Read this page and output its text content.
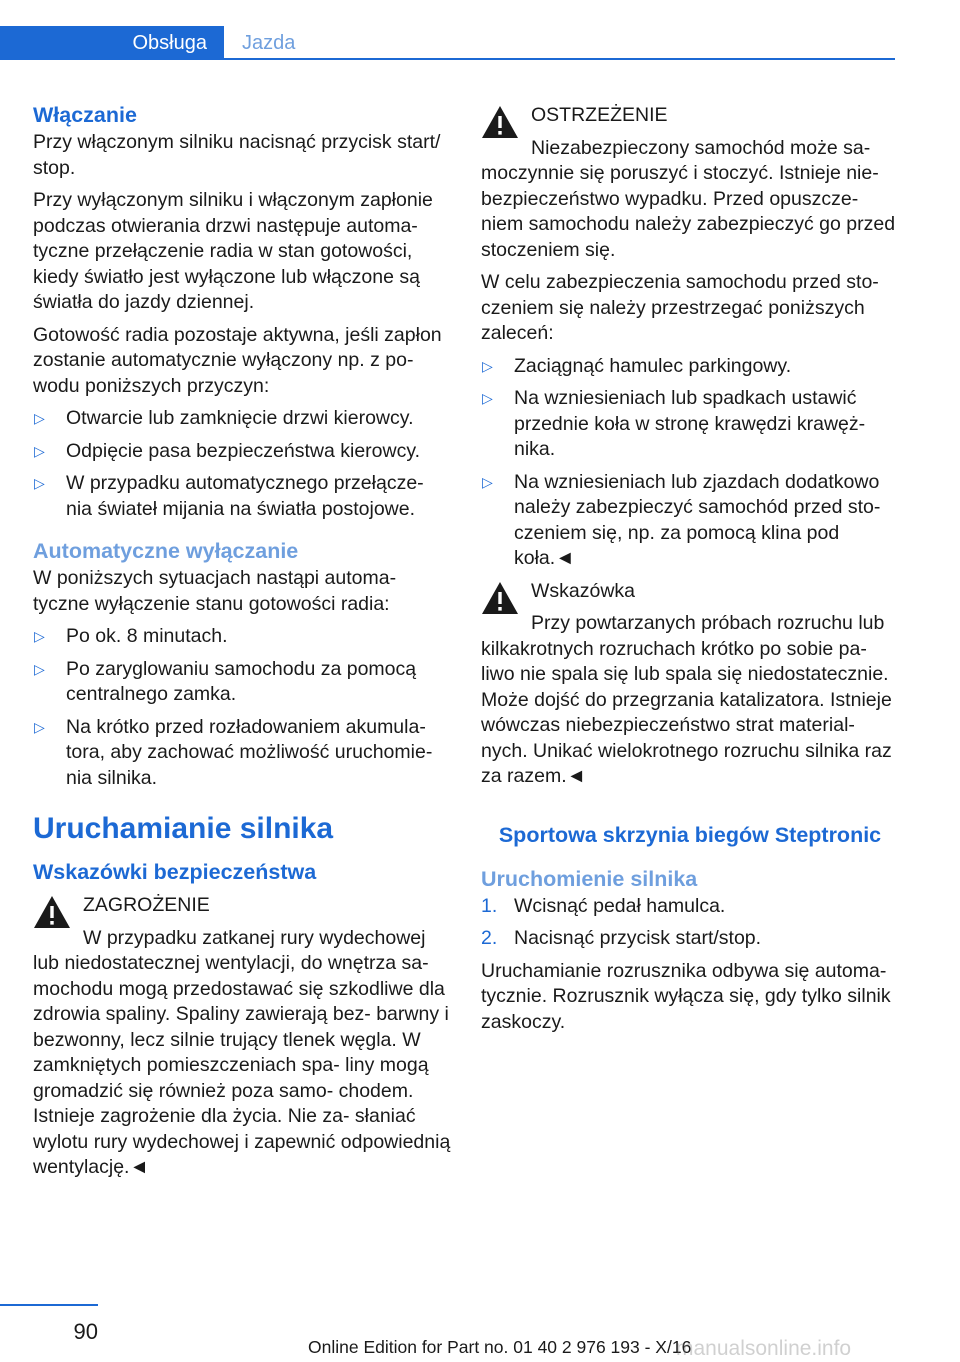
Obsługa	Jazda
Włączanie

Przy włączonym silniku nacisnąć przycisk start/ stop.

Przy wyłączonym silniku i włączonym zapłonie podczas otwierania drzwi następuje automa‐ tyczne przełączenie radia w stan gotowości, kiedy światło jest wyłączone lub włączone są światła do jazdy dziennej.

Gotowość radia pozostaje aktywna, jeśli zapłon zostanie automatycznie wyłączony np. z po‐ wodu poniższych przyczyn:

▷ Otwarcie lub zamknięcie drzwi kierowcy.
▷ Odpięcie pasa bezpieczeństwa kierowcy.
▷ W przypadku automatycznego przełącze‐ nia świateł mijania na światła postojowe.
Automatyczne wyłączanie

W poniższych sytuacjach nastąpi automa‐ tyczne wyłączenie stanu gotowości radia:

▷ Po ok. 8 minutach.
▷ Po zaryglowaniu samochodu za pomocą centralnego zamka.
▷ Na krótko przed rozładowaniem akumula‐ tora, aby zachować możliwość uruchomie‐ nia silnika.
Uruchamianie silnika
Wskazówki bezpieczeństwa
ZAGROŻENIE
W przypadku zatkanej rury wydechowej
lub niedostatecznej wentylacji, do wnętrza sa‐ mochodu mogą przedostawać się szkodliwe dla zdrowia spaliny. Spaliny zawierają bez‐ barwny i bezwonny, lecz silnie trujący tlenek węgla. W zamkniętych pomieszczeniach spa‐ liny mogą gromadzić się również poza samo‐ chodem. Istnieje zagrożenie dla życia. Nie za‐ słaniać wylotu rury wydechowej i zapewnić odpowiednią wentylację.◄
OSTRZEŻENIE
Niezabezpieczony samochód może sa‐
moczynnie się poruszyć i stoczyć. Istnieje nie‐ bezpieczeństwo wypadku. Przed opuszcze‐ niem samochodu należy zabezpieczyć go przed stoczeniem się.

W celu zabezpieczenia samochodu przed sto‐ czeniem się należy przestrzegać poniższych zaleceń:

▷ Zaciągnąć hamulec parkingowy.
▷ Na wzniesieniach lub spadkach ustawić przednie koła w stronę krawędzi krawęż‐ nika.
▷ Na wzniesieniach lub zjazdach dodatkowo należy zabezpieczyć samochód przed sto‐ czeniem się, np. za pomocą klina pod koła.◄
Wskazówka
Przy powtarzanych próbach rozruchu lub
kilkakrotnych rozruchach krótko po sobie pa‐ liwo nie spala się lub spala się niedostatecznie. Może dojść do przegrzania katalizatora. Istnieje wówczas niebezpieczeństwo strat material‐ nych. Unikać wielokrotnego rozruchu silnika raz za razem.◄
Sportowa skrzynia biegów Steptronic
Uruchomienie silnika
1. Wcisnąć pedał hamulca.
2. Nacisnąć przycisk start/stop.

Uruchamianie rozrusznika odbywa się automa‐ tycznie. Rozrusznik wyłącza się, gdy tylko silnik zaskoczy.

90
Online Edition for Part no. 01 40 2 976 193 - X/16
manualsonline.info
